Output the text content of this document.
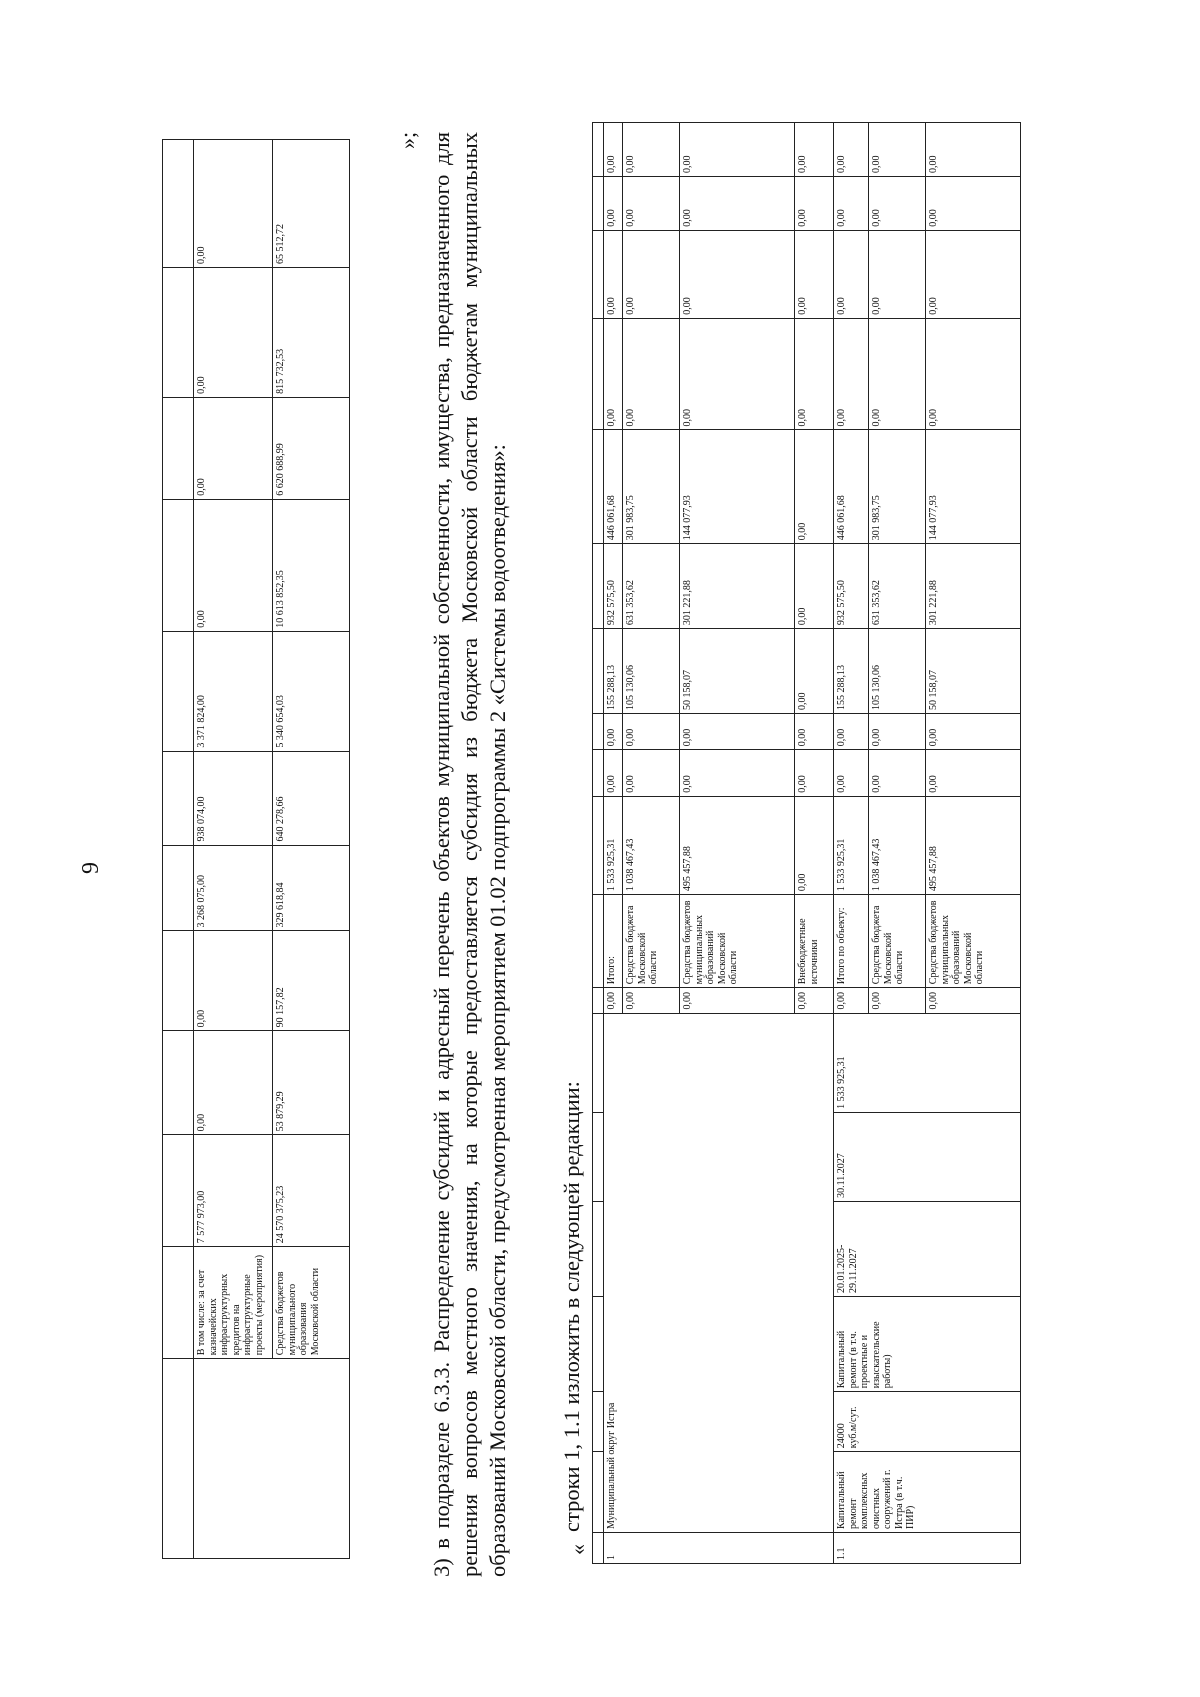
9

	В том числе: за счет казначейских инфраструктурных кредитов на инфраструктурные проекты (мероприятия)	7 577 973,00	0,00	0,00	3 268 075,00	938 074,00	3 371 824,00	0,00	0,00	0,00	0,00
	Средства бюджетов муниципального образования Московской области	24 570 375,23	53 879,29	90 157,82	329 618,84	640 278,66	5 340 654,03	10 613 852,35	6 620 688,99	815 732,53	65 512,72
»; 3) в подразделе 6.3.3. Распределение субсидий и адресный перечень объектов муниципальной собственности, имущества, предназначенного для решения вопросов местного значения, на которые предоставляется субсидия из бюджета Московской области бюджетам муниципальных образований Московской области, предусмотренная мероприятием 01.02 подпрограммы 2 «Системы водоотведения»: строки 1, 1.1 изложить в следующей редакции:

«

1	Муниципальный округ Истра						0,00	Итого:	1 533 925,31	0,00	0,00	155 288,13	932 575,50	446 061,68	0,00	0,00	0,00	0,00
							0,00	Средства бюджета Московской области	1 038 467,43	0,00	0,00	105 130,06	631 353,62	301 983,75	0,00	0,00	0,00	0,00
							0,00	Средства бюджетов муниципальных образований Московской области	495 457,88	0,00	0,00	50 158,07	301 221,88	144 077,93	0,00	0,00	0,00	0,00
							0,00	Внебюджетные источники	0,00	0,00	0,00	0,00	0,00	0,00	0,00	0,00	0,00	0,00
1.1	Капитальный ремонт комплексных очистных сооружений г. Истра (в т.ч. ПИР)	24000 куб.м/сут.	Капитальный ремонт (в т.ч. проектные и изыскательские работы)	20.01.2025-29.11.2027	30.11.2027	1 533 925,31	0,00	Итого по объекту:	1 533 925,31	0,00	0,00	155 288,13	932 575,50	446 061,68	0,00	0,00	0,00	0,00
							0,00	Средства бюджета Московской области	1 038 467,43	0,00	0,00	105 130,06	631 353,62	301 983,75	0,00	0,00	0,00	0,00
							0,00	Средства бюджетов муниципальных образований Московской области	495 457,88	0,00	0,00	50 158,07	301 221,88	144 077,93	0,00	0,00	0,00	0,00
